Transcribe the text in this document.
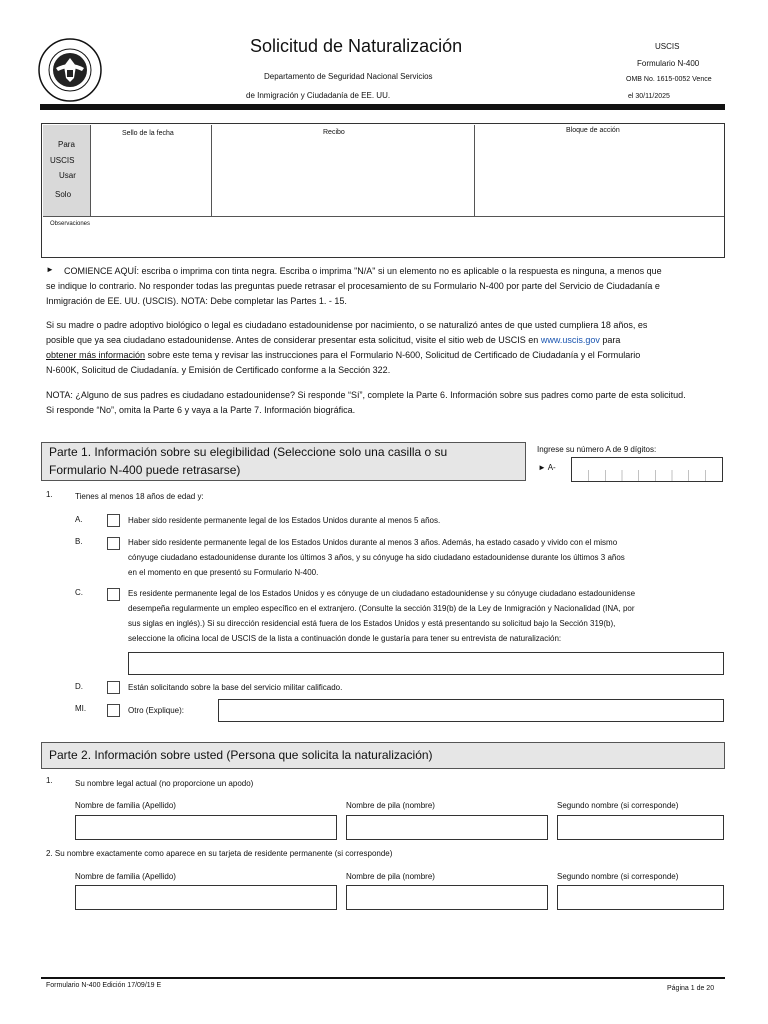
Solicitud de Naturalización
Departamento de Seguridad Nacional Servicios
de Inmigración y Ciudadanía de EE. UU.
USCIS
Formulario N-400
OMB No. 1615-0052 Vence
el 30/11/2025
Para
USCIS
Usar
Solo
Sello de la fecha	Recibo	Bloque de acción
Observaciones
► COMIENCE AQUÍ: escriba o imprima con tinta negra. Escriba o imprima "N/A" si un elemento no es aplicable o la respuesta es ninguna, a menos que
se indique lo contrario. No responder todas las preguntas puede retrasar el procesamiento de su Formulario N-400 por parte del Servicio de Ciudadanía e
Inmigración de EE. UU. (USCIS). NOTA: Debe completar las Partes 1. - 15.
Si su madre o padre adoptivo biológico o legal es ciudadano estadounidense por nacimiento, o se naturalizó antes de que usted cumpliera 18 años, es
posible que ya sea ciudadano estadounidense. Antes de considerar presentar esta solicitud, visite el sitio web de USCIS en www.uscis.gov para
obtener más información sobre este tema y revisar las instrucciones para el Formulario N-600, Solicitud de Certificado de Ciudadanía y el Formulario
N-600K, Solicitud de Ciudadanía. y Emisión de Certificado conforme a la Sección 322.
NOTA: ¿Alguno de sus padres es ciudadano estadounidense? Si responde “Sí”, complete la Parte 6. Información sobre sus padres como parte de esta solicitud.
Si responde “No”, omita la Parte 6 y vaya a la Parte 7. Información biográfica.
Parte 1. Información sobre su elegibilidad (Seleccione solo una casilla o su
Formulario N-400 puede retrasarse)
Ingrese su número A de 9 dígitos:
► A-
1.	Tienes al menos 18 años de edad y:
A.	Haber sido residente permanente legal de los Estados Unidos durante al menos 5 años.
B.	Haber sido residente permanente legal de los Estados Unidos durante al menos 3 años. Además, ha estado casado y vivido con el mismo
cónyuge ciudadano estadounidense durante los últimos 3 años, y su cónyuge ha sido ciudadano estadounidense durante los últimos 3 años
en el momento en que presentó su Formulario N-400.
C.	Es residente permanente legal de los Estados Unidos y es cónyuge de un ciudadano estadounidense y su cónyuge ciudadano estadounidense
desempeña regularmente un empleo específico en el extranjero. (Consulte la sección 319(b) de la Ley de Inmigración y Nacionalidad (INA, por
sus siglas en inglés).) Si su dirección residencial está fuera de los Estados Unidos y está presentando su solicitud bajo la Sección 319(b),
seleccione la oficina local de USCIS de la lista a continuación donde le gustaría para tener su entrevista de naturalización:
D.	Están solicitando sobre la base del servicio militar calificado.
MI.	Otro (Explique):
Parte 2. Información sobre usted (Persona que solicita la naturalización)
1.	Su nombre legal actual (no proporcione un apodo)
Nombre de familia (Apellido)	Nombre de pila (nombre)	Segundo nombre (si corresponde)
2. Su nombre exactamente como aparece en su tarjeta de residente permanente (si corresponde)
Nombre de familia (Apellido)	Nombre de pila (nombre)	Segundo nombre (si corresponde)
Formulario N-400 Edición 17/09/19 E	Página 1 de 20
